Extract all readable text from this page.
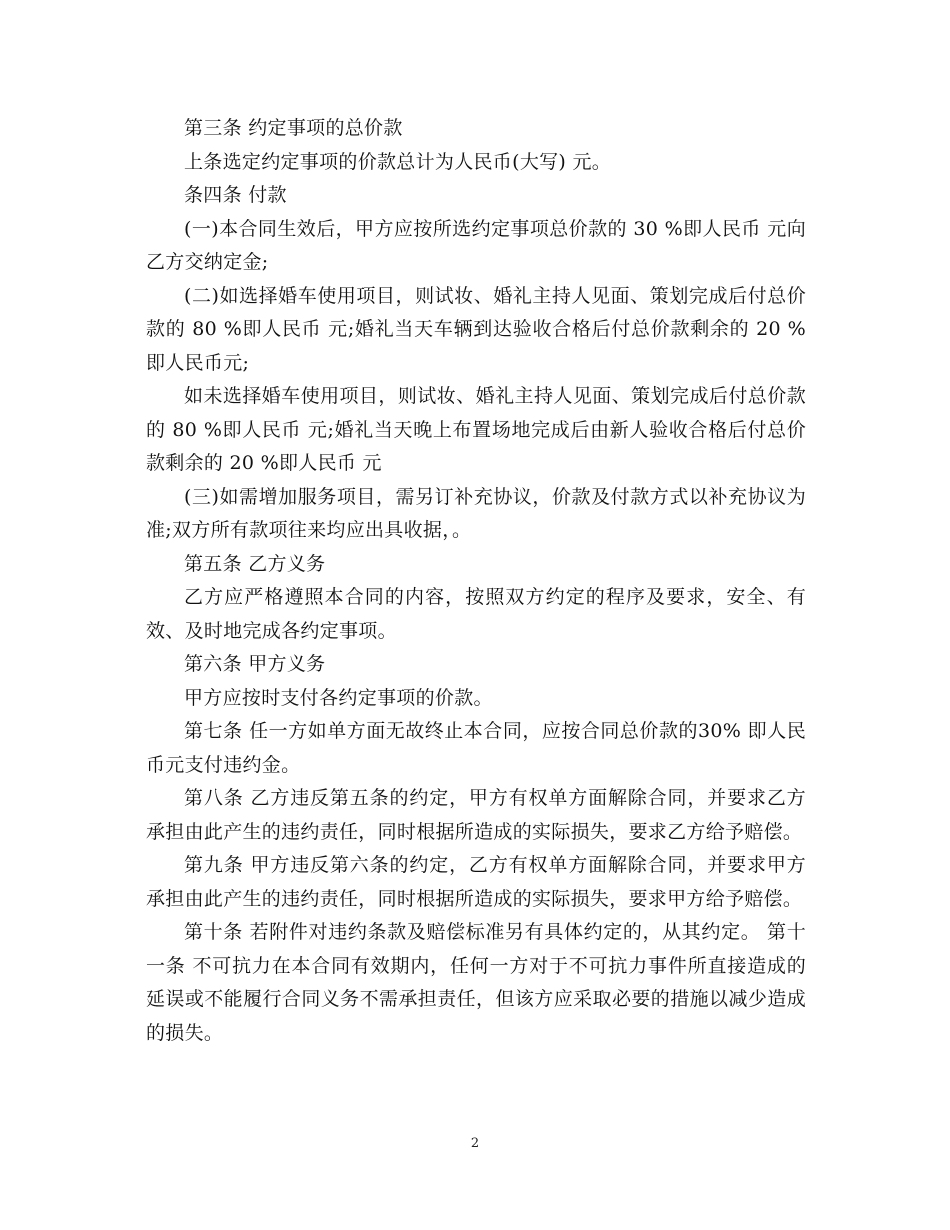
第三条 约定事项的总价款

上条选定约定事项的价款总计为人民币(大写) 元。

条四条 付款

(一)本合同生效后，甲方应按所选约定事项总价款的 30 %即人民币 元向乙方交纳定金;

(二)如选择婚车使用项目，则试妆、婚礼主持人见面、策划完成后付总价款的 80 %即人民币 元;婚礼当天车辆到达验收合格后付总价款剩余的 20 %即人民币元;

如未选择婚车使用项目，则试妆、婚礼主持人见面、策划完成后付总价款的 80 %即人民币 元;婚礼当天晚上布置场地完成后由新人验收合格后付总价款剩余的 20 %即人民币 元

(三)如需增加服务项目，需另订补充协议，价款及付款方式以补充协议为准;双方所有款项往来均应出具收据，。

第五条 乙方义务

乙方应严格遵照本合同的内容，按照双方约定的程序及要求，安全、有效、及时地完成各约定事项。

第六条 甲方义务

甲方应按时支付各约定事项的价款。

第七条 任一方如单方面无故终止本合同，应按合同总价款的30% 即人民币元支付违约金。

第八条 乙方违反第五条的约定，甲方有权单方面解除合同，并要求乙方承担由此产生的违约责任，同时根据所造成的实际损失，要求乙方给予赔偿。

第九条 甲方违反第六条的约定，乙方有权单方面解除合同，并要求甲方承担由此产生的违约责任，同时根据所造成的实际损失，要求甲方给予赔偿。

第十条 若附件对违约条款及赔偿标准另有具体约定的，从其约定。 第十一条 不可抗力在本合同有效期内，任何一方对于不可抗力事件所直接造成的延误或不能履行合同义务不需承担责任，但该方应采取必要的措施以减少造成的损失。

2
